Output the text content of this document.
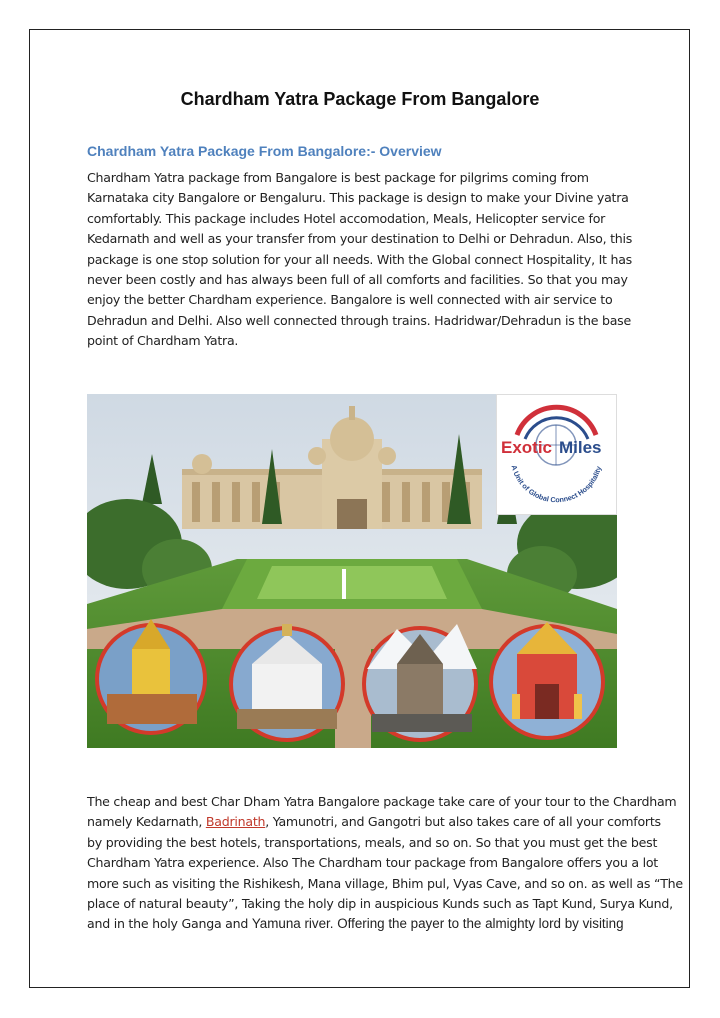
Chardham Yatra Package From Bangalore
Chardham Yatra Package From Bangalore:- Overview
Chardham Yatra package from Bangalore is best package for pilgrims coming from
Karnataka city Bangalore or Bengaluru. This package is design to make your Divine yatra
comfortably. This package includes Hotel accomodation, Meals, Helicopter service for
Kedarnath and well as your transfer from your destination to Delhi or Dehradun. Also, this
package is one stop solution for your all needs. With the Global connect Hospitality, It has
never been costly and has always been full of all comforts and facilities. So that you may
enjoy the better Chardham experience. Bangalore is well connected with air service to
Dehradun and Delhi. Also well connected through trains. Hadridwar/Dehradun is the base
point of Chardham Yatra.
Exotic Miles
A Unit of Global Connect Hospitality
The cheap and best Char Dham Yatra Bangalore package take care of your tour to the Chardham
namely Kedarnath, Badrinath, Yamunotri, and Gangotri but also takes care of all your comforts
by providing the best hotels, transportations, meals, and so on. So that you must get the best
Chardham Yatra experience. Also The Chardham tour package from Bangalore offers you a lot
more such as visiting the Rishikesh, Mana village, Bhim pul, Vyas Cave, and so on. as well as “The
place of natural beauty”, Taking the holy dip in auspicious Kunds such as Tapt Kund, Surya Kund,
and in the holy Ganga and Yamuna river. Offering the payer to the almighty lord by visiting
